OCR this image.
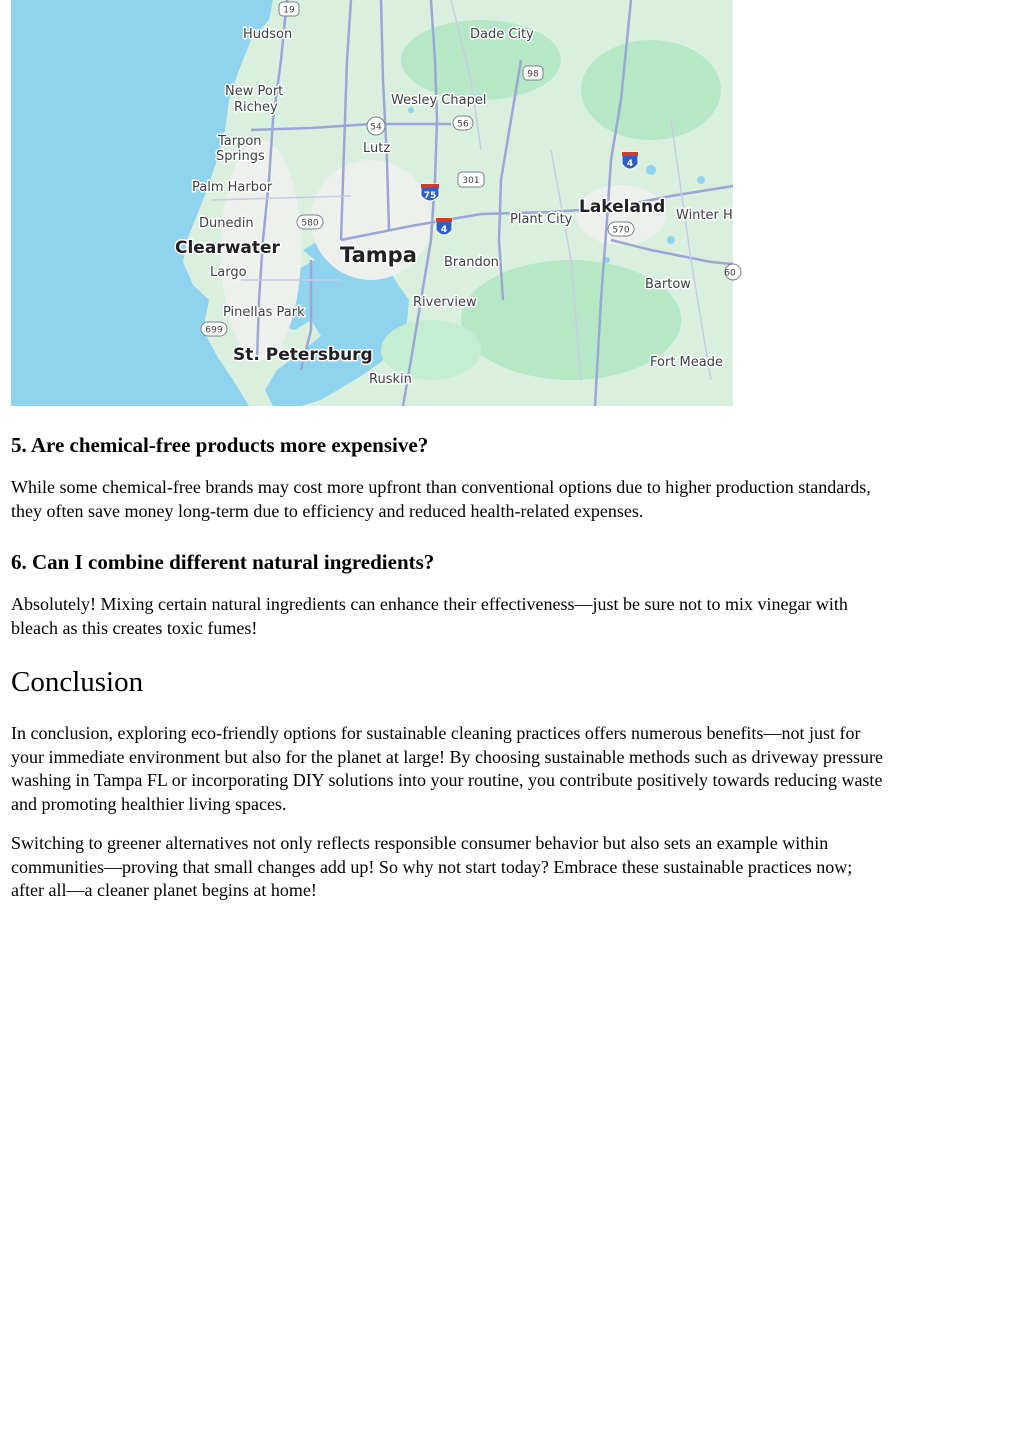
19
98
54	56
301
75
4
4
580
570
699
60
Hudson	Dade City
New Port
Richey	Wesley Chapel
Tarpon
Springs
Lutz
Palm Harbor
Dunedin
Clearwater	Tampa Brandon
Plant City
Lakeland Winter H
Largo
Riverview
Bartow
Pinellas Park
St. Petersburg
Ruskin
Fort Meade
5. Are chemical-free products more expensive?

While some chemical-free brands may cost more upfront than conventional options due to higher production standards,
they often save money long-term due to efficiency and reduced health-related expenses.

6. Can I combine different natural ingredients?

Absolutely! Mixing certain natural ingredients can enhance their effectiveness—just be sure not to mix vinegar with
bleach as this creates toxic fumes!

Conclusion

In conclusion, exploring eco-friendly options for sustainable cleaning practices offers numerous benefits—not just for
your immediate environment but also for the planet at large! By choosing sustainable methods such as driveway pressure
washing in Tampa FL or incorporating DIY solutions into your routine, you contribute positively towards reducing waste
and promoting healthier living spaces.

Switching to greener alternatives not only reflects responsible consumer behavior but also sets an example within
communities—proving that small changes add up! So why not start today? Embrace these sustainable practices now;
after all—a cleaner planet begins at home!
